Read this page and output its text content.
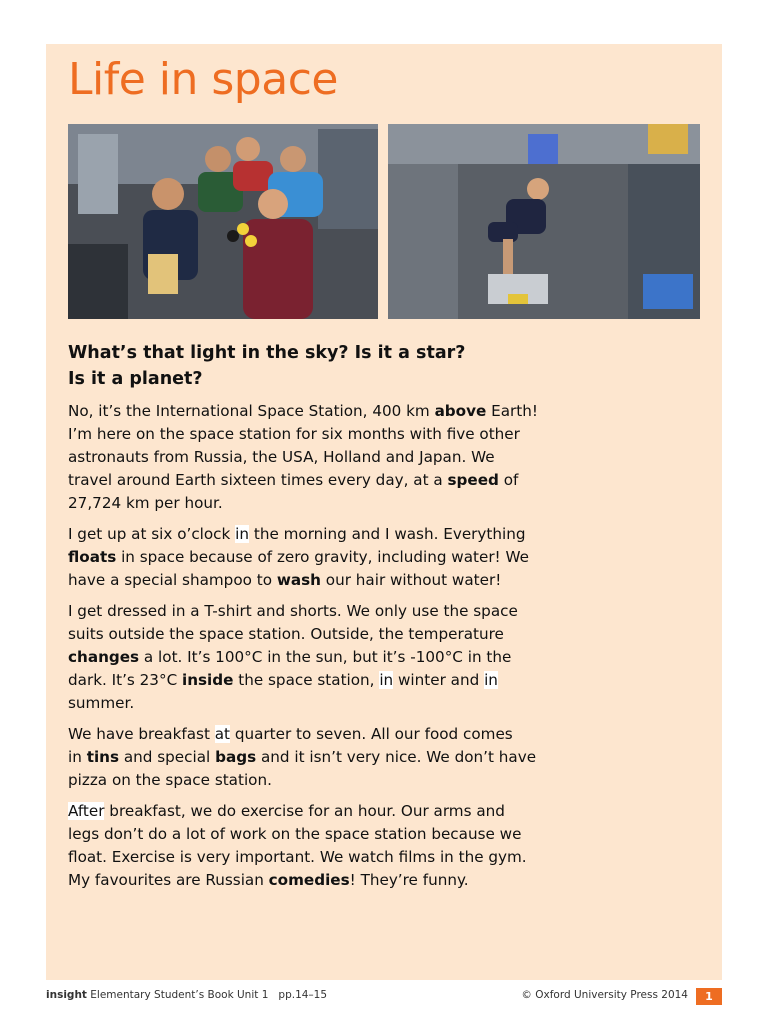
Life in space
What’s that light in the sky? Is it a star?
Is it a planet?

No, it’s the International Space Station, 400 km above Earth!
I’m here on the space station for six months with five other
astronauts from Russia, the USA, Holland and Japan. We
travel around Earth sixteen times every day, at a speed of
27,724 km per hour.

I get up at six o’clock in the morning and I wash. Everything
floats in space because of zero gravity, including water! We
have a special shampoo to wash our hair without water!

I get dressed in a T-shirt and shorts. We only use the space
suits outside the space station. Outside, the temperature
changes a lot. It’s 100°C in the sun, but it’s -100°C in the
dark. It’s 23°C inside the space station, in winter and in
summer.

We have breakfast at quarter to seven. All our food comes
in tins and special bags and it isn’t very nice. We don’t have
pizza on the space station.

After breakfast, we do exercise for an hour. Our arms and
legs don’t do a lot of work on the space station because we
float. Exercise is very important. We watch films in the gym.
My favourites are Russian comedies! They’re funny.

insight Elementary Student’s Book Unit 1   pp.14–15	© Oxford University Press 2014	1
